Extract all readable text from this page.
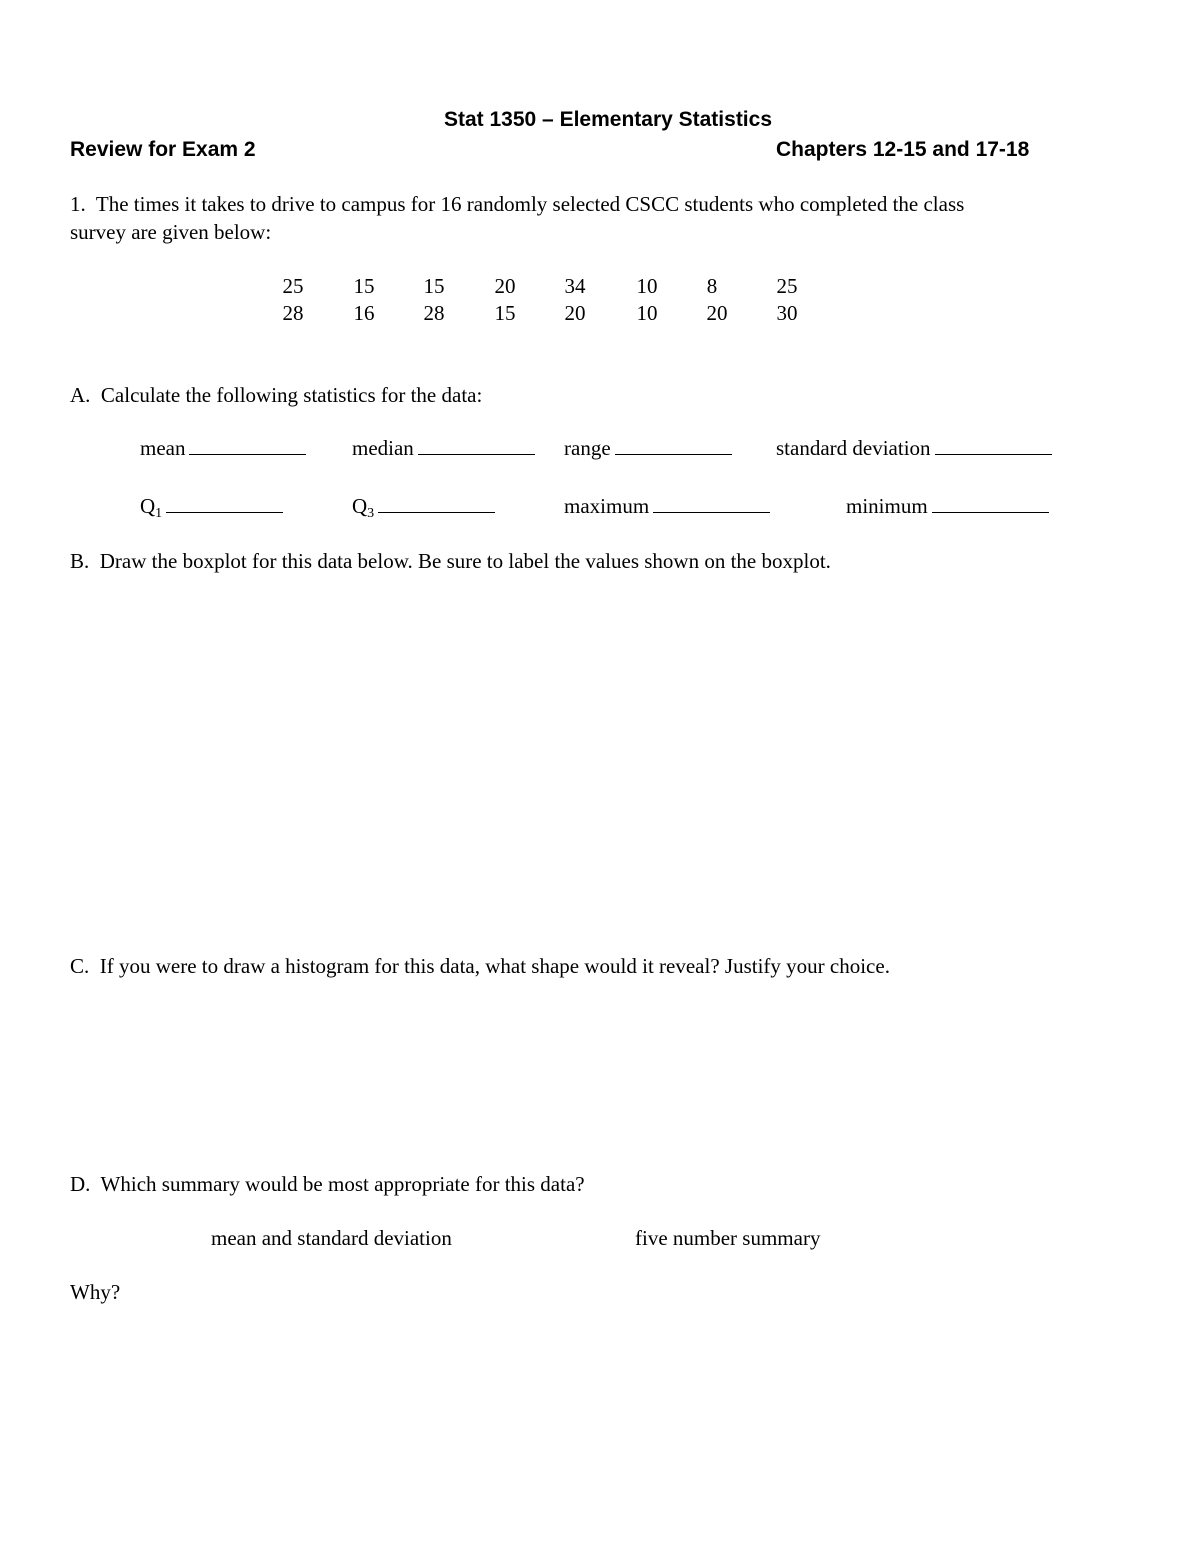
Stat 1350 – Elementary Statistics
Review for Exam 2	Chapters 12-15 and 17-18
1. The times it takes to drive to campus for 16 randomly selected CSCC students who completed the class
survey are given below:
25	15	15	20	34	10	8	25
28	16	28	15	20	10	20	30
A. Calculate the following statistics for the data:
mean	median	range	standard deviation
$Q_1$	$Q_3$	maximum	minimum
B. Draw the boxplot for this data below. Be sure to label the values shown on the boxplot.
C. If you were to draw a histogram for this data, what shape would it reveal? Justify your choice.
D. Which summary would be most appropriate for this data?
mean and standard deviation	five number summary
Why?
